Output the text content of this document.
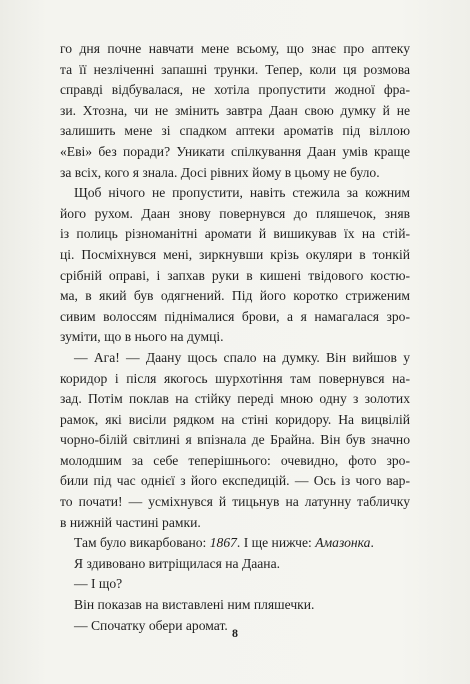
го дня почне навчати мене всьому, що знає про аптеку
та її незліченні запашні трунки. Тепер, коли ця розмова
справді відбувалася, не хотіла пропустити жодної фра-
зи. Хтозна, чи не змінить завтра Даан свою думку й не
залишить мене зі спадком аптеки ароматів під віллою
«Еві» без поради? Уникати спілкування Даан умів краще
за всіх, кого я знала. Досі рівних йому в цьому не було.
Щоб нічого не пропустити, навіть стежила за кожним
його рухом. Даан знову повернувся до пляшечок, зняв
із полиць різноманітні аромати й вишикував їх на стій-
ці. Посміхнувся мені, зиркнувши крізь окуляри в тонкій
срібній оправі, і запхав руки в кишені твідового костю-
ма, в який був одягнений. Під його коротко стриженим
сивим волоссям піднімалися брови, а я намагалася зро-
зуміти, що в нього на думці.
— Ага! — Даану щось спало на думку. Він вийшов у
коридор і після якогось шурхотіння там повернувся на-
зад. Потім поклав на стійку переді мною одну з золотих
рамок, які висіли рядком на стіні коридору. На вицвілій
чорно-білій світлині я впізнала де Брайна. Він був значно
молодшим за себе теперішнього: очевидно, фото зро-
били під час однієї з його експедицій. — Ось із чого вар-
то почати! — усміхнувся й тицьнув на латунну табличку
в нижній частині рамки.
Там було викарбовано: 1867. І ще нижче: Амазонка.
Я здивовано витріщилася на Даана.
— І що?
Він показав на виставлені ним пляшечки.
— Спочатку обери аромат.
8
